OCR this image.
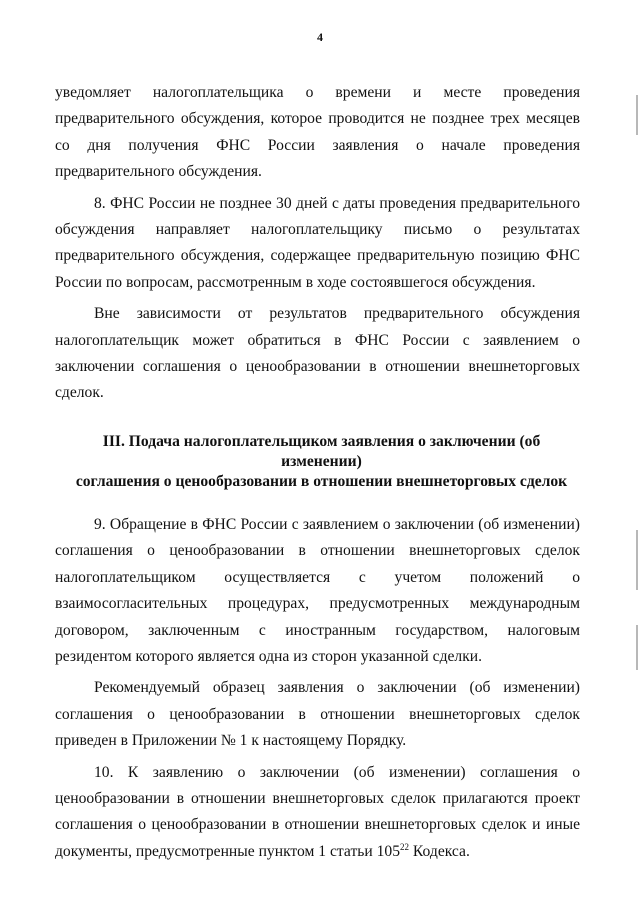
4

уведомляет налогоплательщика о времени и месте проведения предварительного обсуждения, которое проводится не позднее трех месяцев со дня получения ФНС России заявления о начале проведения предварительного обсуждения.

8. ФНС России не позднее 30 дней с даты проведения предварительного обсуждения направляет налогоплательщику письмо о результатах предварительного обсуждения, содержащее предварительную позицию ФНС России по вопросам, рассмотренным в ходе состоявшегося обсуждения.

Вне зависимости от результатов предварительного обсуждения налогоплательщик может обратиться в ФНС России с заявлением о заключении соглашения о ценообразовании в отношении внешнеторговых сделок.

III. Подача налогоплательщиком заявления о заключении (об изменении)
соглашения о ценообразовании в отношении внешнеторговых сделок

9. Обращение в ФНС России с заявлением о заключении (об изменении) соглашения о ценообразовании в отношении внешнеторговых сделок налогоплательщиком осуществляется с учетом положений о взаимосогласительных процедурах, предусмотренных международным договором, заключенным с иностранным государством, налоговым резидентом которого является одна из сторон указанной сделки.

Рекомендуемый образец заявления о заключении (об изменении) соглашения о ценообразовании в отношении внешнеторговых сделок приведен в Приложении № 1 к настоящему Порядку.

10. К заявлению о заключении (об изменении) соглашения о ценообразовании в отношении внешнеторговых сделок прилагаются проект соглашения о ценообразовании в отношении внешнеторговых сделок и иные документы, предусмотренные пунктом 1 статьи $105^{22}$ Кодекса.
